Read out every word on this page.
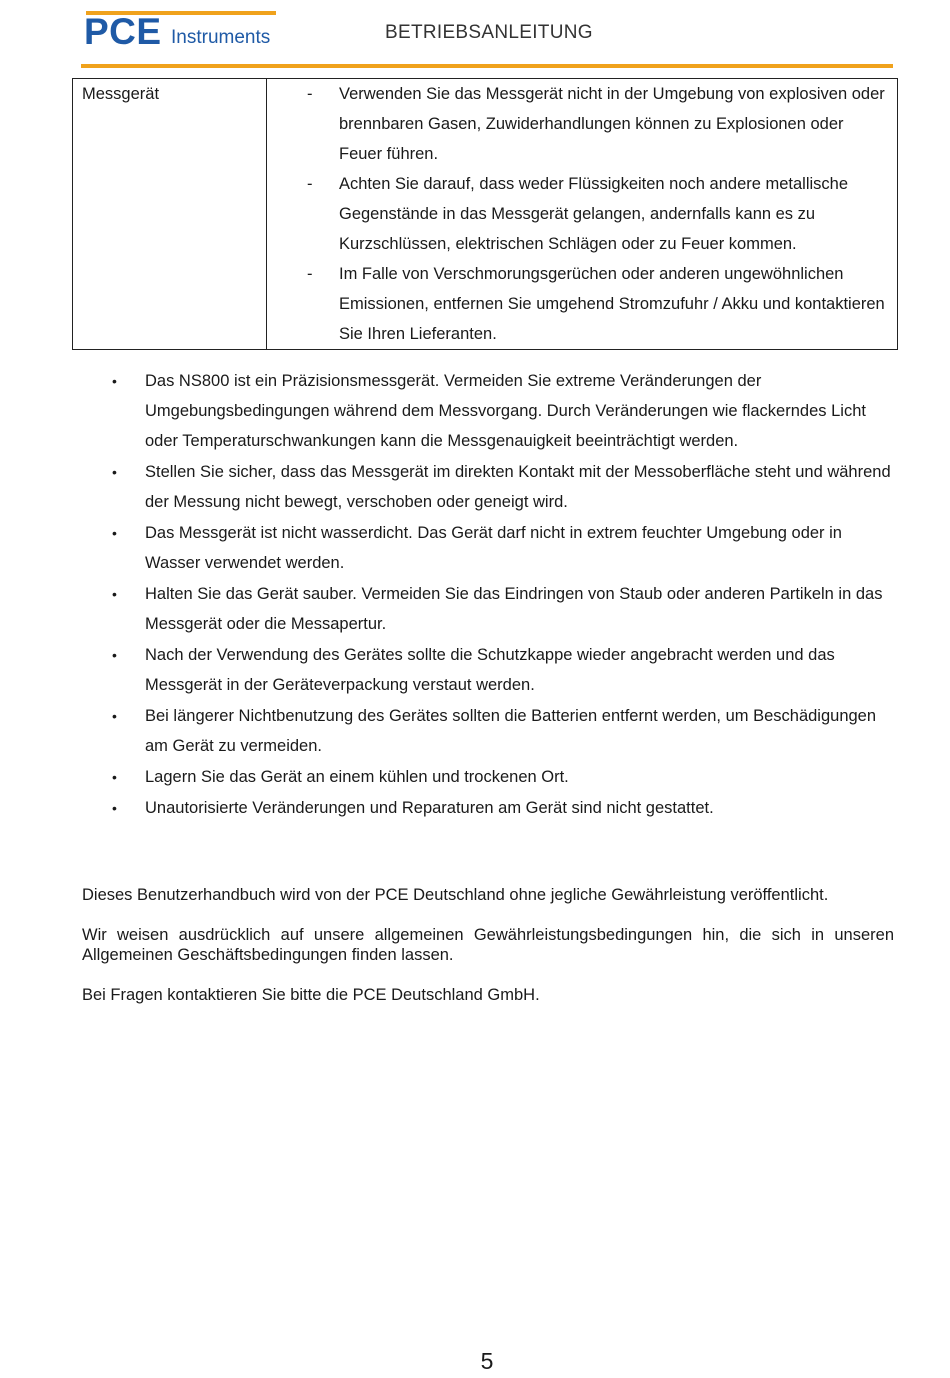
PCE Instruments	BETRIEBSANLEITUNG
Messgerät	-	Verwenden Sie das Messgerät nicht in der Umgebung von explosiven oder brennbaren Gasen, Zuwiderhandlungen können zu Explosionen oder Feuer führen.
-	Achten Sie darauf, dass weder Flüssigkeiten noch andere metallische Gegenstände in das Messgerät gelangen, andernfalls kann es zu Kurzschlüssen, elektrischen Schlägen oder zu Feuer kommen.
-	Im Falle von Verschmorungsgerüchen oder anderen ungewöhnlichen Emissionen, entfernen Sie umgehend Stromzufuhr / Akku und kontaktieren Sie Ihren Lieferanten.
•	Das NS800 ist ein Präzisionsmessgerät. Vermeiden Sie extreme Veränderungen der Umgebungsbedingungen während dem Messvorgang. Durch Veränderungen wie flackerndes Licht oder Temperaturschwankungen kann die Messgenauigkeit beeinträchtigt werden.
•	Stellen Sie sicher, dass das Messgerät im direkten Kontakt mit der Messoberfläche steht und während der Messung nicht bewegt, verschoben oder geneigt wird.
•	Das Messgerät ist nicht wasserdicht. Das Gerät darf nicht in extrem feuchter Umgebung oder in Wasser verwendet werden.
•	Halten Sie das Gerät sauber. Vermeiden Sie das Eindringen von Staub oder anderen Partikeln in das Messgerät oder die Messapertur.
•	Nach der Verwendung des Gerätes sollte die Schutzkappe wieder angebracht werden und das Messgerät in der Geräteverpackung verstaut werden.
•	Bei längerer Nichtbenutzung des Gerätes sollten die Batterien entfernt werden, um Beschädigungen am Gerät zu vermeiden.
•	Lagern Sie das Gerät an einem kühlen und trockenen Ort.
•	Unautorisierte Veränderungen und Reparaturen am Gerät sind nicht gestattet.

Dieses Benutzerhandbuch wird von der PCE Deutschland ohne jegliche Gewährleistung veröffentlicht.

Wir weisen ausdrücklich auf unsere allgemeinen Gewährleistungsbedingungen hin, die sich in unseren Allgemeinen Geschäftsbedingungen finden lassen.

Bei Fragen kontaktieren Sie bitte die PCE Deutschland GmbH.

5
